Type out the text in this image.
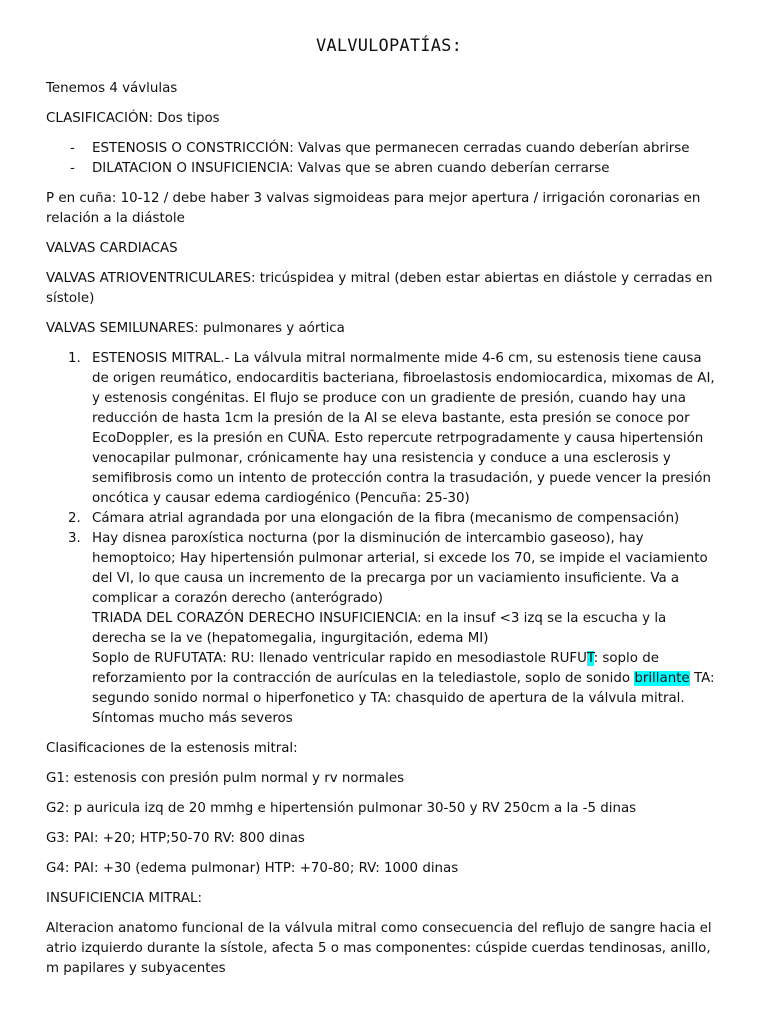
VALVULOPATÍAS:

Tenemos 4 vávlulas

CLASIFICACIÓN: Dos tipos

- ESTENOSIS O CONSTRICCIÓN: Valvas que permanecen cerradas cuando deberían abrirse
- DILATACION O INSUFICIENCIA: Valvas que se abren cuando deberían cerrarse

P en cuña: 10-12 / debe haber 3 valvas sigmoideas para mejor apertura / irrigación coronarias en relación a la diástole

VALVAS CARDIACAS

VALVAS ATRIOVENTRICULARES: tricúspidea y mitral (deben estar abiertas en diástole y cerradas en sístole)

VALVAS SEMILUNARES: pulmonares y aórtica

1. ESTENOSIS MITRAL.- La válvula mitral normalmente mide 4-6 cm, su estenosis tiene causa de origen reumático, endocarditis bacteriana, fibroelastosis endomiocardica, mixomas de AI, y estenosis congénitas. El flujo se produce con un gradiente de presión, cuando hay una reducción de hasta 1cm la presión de la AI se eleva bastante, esta presión se conoce por EcoDoppler, es la presión en CUÑA. Esto repercute retrpogradamente y causa hipertensión venocapilar pulmonar, crónicamente hay una resistencia y conduce a una esclerosis y semifibrosis como un intento de protección contra la trasudación, y puede vencer la presión oncótica y causar edema cardiogénico (Pencuña: 25-30)
2. Cámara atrial agrandada por una elongación de la fibra (mecanismo de compensación)
3. Hay disnea paroxística nocturna (por la disminución de intercambio gaseoso), hay hemoptoico; Hay hipertensión pulmonar arterial, si excede los 70, se impide el vaciamiento del VI, lo que causa un incremento de la precarga por un vaciamiento insuficiente. Va a complicar a corazón derecho (anterógrado)
TRIADA DEL CORAZÓN DERECHO INSUFICIENCIA: en la insuf <3 izq se la escucha y la derecha se la ve (hepatomegalia, ingurgitación, edema MI)
Soplo de RUFUTATA: RU: llenado ventricular rapido en mesodiastole RUFUT: soplo de reforzamiento por la contracción de aurículas en la telediastole, soplo de sonido brillante TA: segundo sonido normal o hiperfonetico y TA: chasquido de apertura de la válvula mitral. Síntomas mucho más severos

Clasificaciones de la estenosis mitral:

G1: estenosis con presión pulm normal y rv normales

G2: p auricula izq de 20 mmhg e hipertensión pulmonar 30-50 y RV 250cm a la -5 dinas

G3: PAI: +20; HTP;50-70 RV: 800 dinas

G4: PAI: +30 (edema pulmonar) HTP: +70-80; RV: 1000 dinas

INSUFICIENCIA MITRAL:

Alteracion anatomo funcional de la válvula mitral como consecuencia del reflujo de sangre hacia el atrio izquierdo durante la sístole, afecta 5 o mas componentes: cúspide cuerdas tendinosas, anillo, m papilares y subyacentes
